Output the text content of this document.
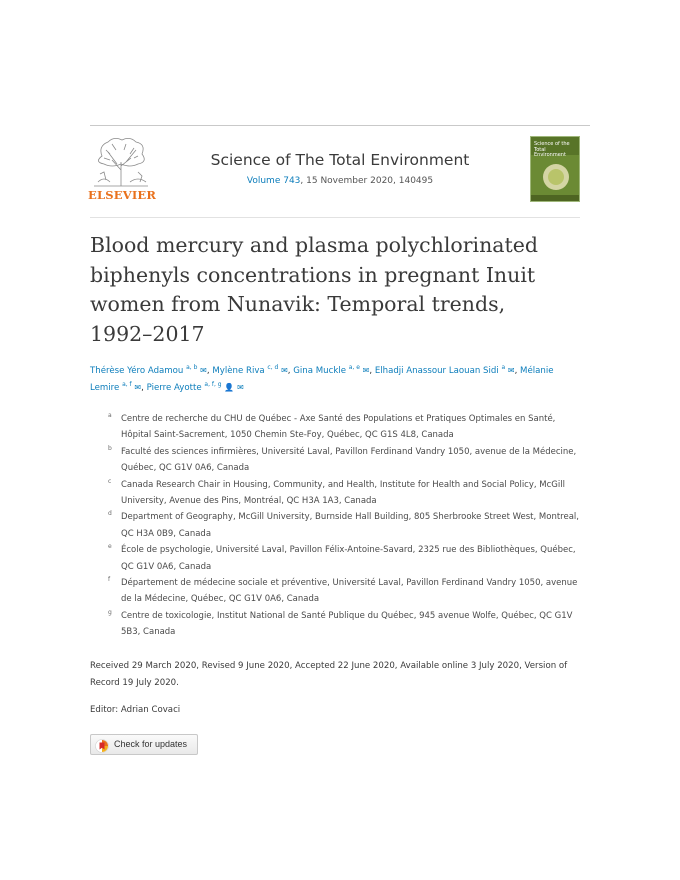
ELSEVIER
Science of The Total Environment
Volume 743, 15 November 2020, 140495
Science of the Total Environment
Blood mercury and plasma polychlorinated biphenyls concentrations in pregnant Inuit women from Nunavik: Temporal trends, 1992–2017
Thérèse Yéro Adamou $^{a, b}$ ✉, Mylène Riva $^{c, d}$ ✉, Gina Muckle $^{a, e}$ ✉, Elhadji Anassour Laouan Sidi $^a$ ✉, Mélanie Lemire $^{a, f}$ ✉, Pierre Ayotte $^{a, f, g}$ 👤 ✉
a Centre de recherche du CHU de Québec - Axe Santé des Populations et Pratiques Optimales en Santé, Hôpital Saint-Sacrement, 1050 Chemin Ste-Foy, Québec, QC G1S 4L8, Canada
b Faculté des sciences infirmières, Université Laval, Pavillon Ferdinand Vandry 1050, avenue de la Médecine, Québec, QC G1V 0A6, Canada
c Canada Research Chair in Housing, Community, and Health, Institute for Health and Social Policy, McGill University, Avenue des Pins, Montréal, QC H3A 1A3, Canada
d Department of Geography, McGill University, Burnside Hall Building, 805 Sherbrooke Street West, Montreal, QC H3A 0B9, Canada
e École de psychologie, Université Laval, Pavillon Félix-Antoine-Savard, 2325 rue des Bibliothèques, Québec, QC G1V 0A6, Canada
f Département de médecine sociale et préventive, Université Laval, Pavillon Ferdinand Vandry 1050, avenue de la Médecine, Québec, QC G1V 0A6, Canada
g Centre de toxicologie, Institut National de Santé Publique du Québec, 945 avenue Wolfe, Québec, QC G1V 5B3, Canada
Received 29 March 2020, Revised 9 June 2020, Accepted 22 June 2020, Available online 3 July 2020, Version of Record 19 July 2020.
Editor: Adrian Covaci
Check for updates
